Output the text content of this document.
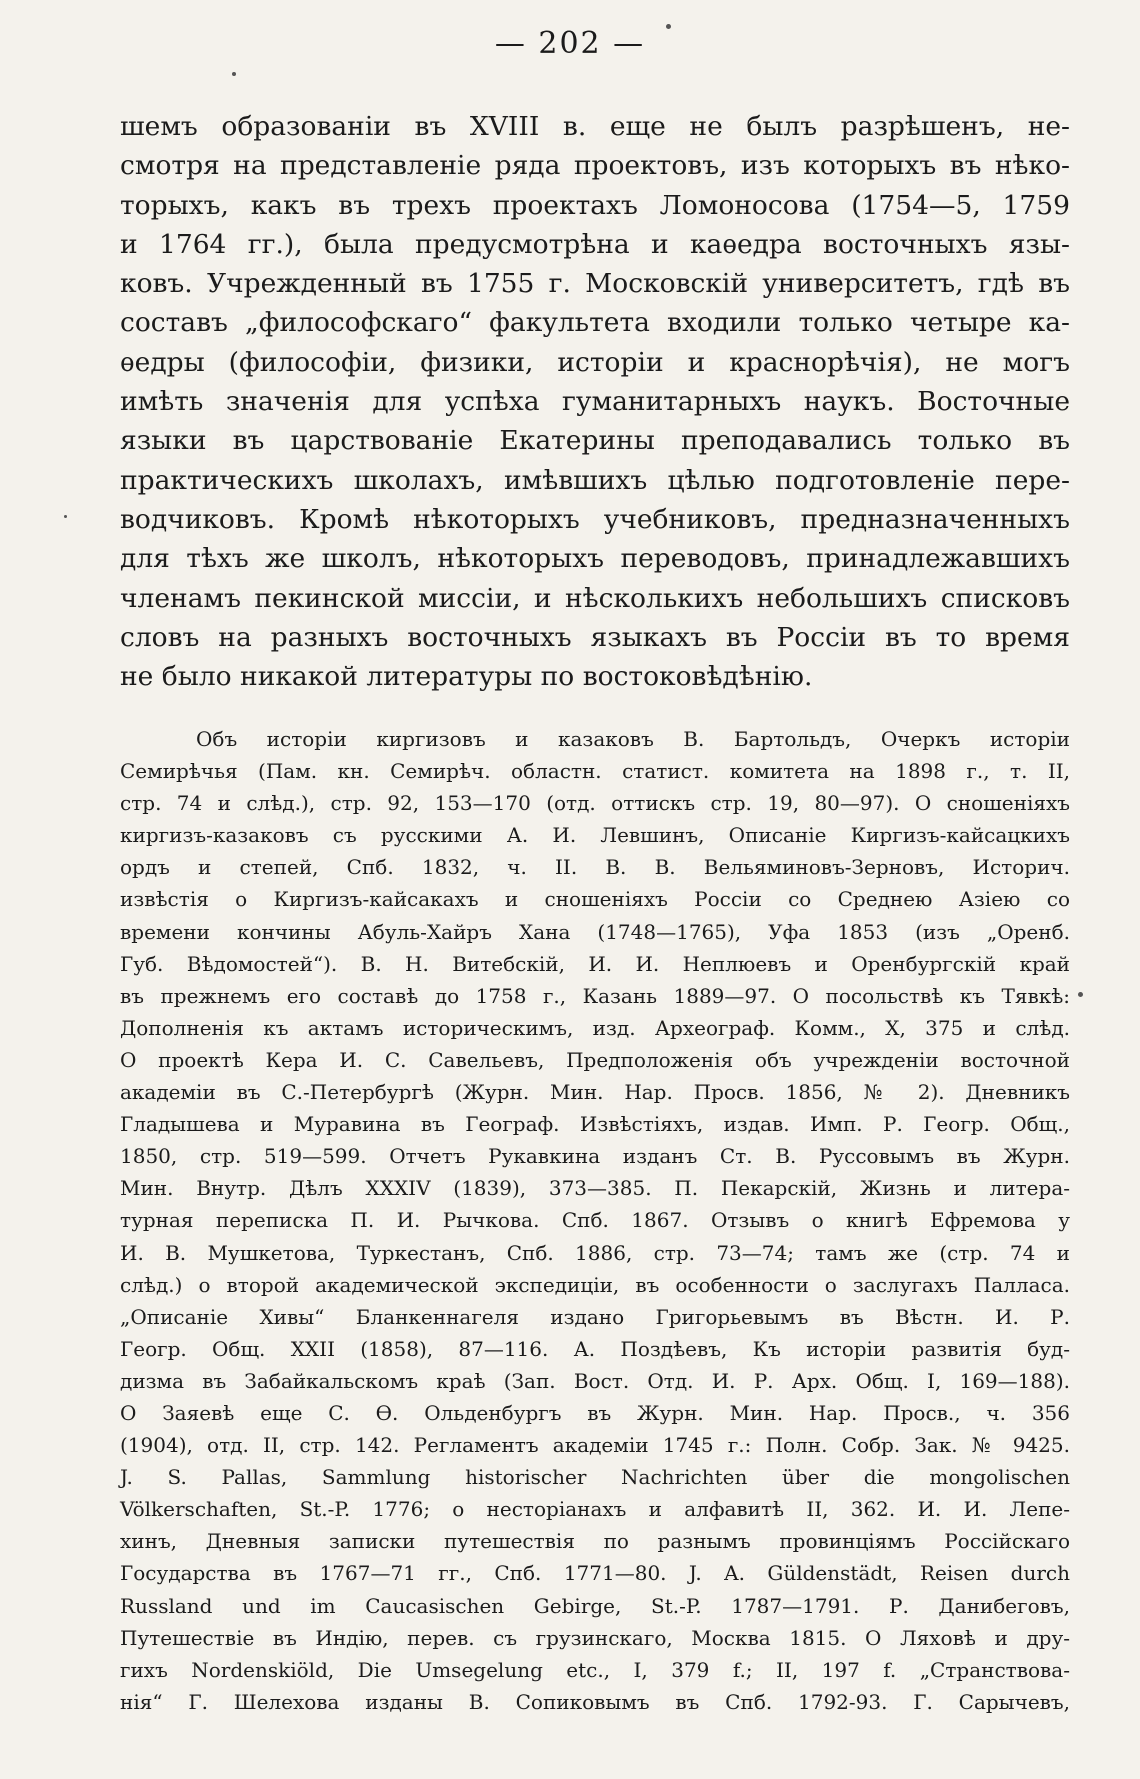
— 202 —
шемъ образованіи въ XVIII в. еще не былъ разрѣшенъ, не-
смотря на представленіе ряда проектовъ, изъ которыхъ въ нѣко-
торыхъ, какъ въ трехъ проектахъ Ломоносова (1754—5, 1759
и 1764 гг.), была предусмотрѣна и каѳедра восточныхъ язы-
ковъ. Учрежденный въ 1755 г. Московскій университетъ, гдѣ въ
составъ „философскаго“ факультета входили только четыре ка-
ѳедры (философіи, физики, исторіи и краснорѣчія), не могъ
имѣть значенія для успѣха гуманитарныхъ наукъ. Восточные
языки въ царствованіе Екатерины преподавались только въ
практическихъ школахъ, имѣвшихъ цѣлью подготовленіе пере-
водчиковъ. Кромѣ нѣкоторыхъ учебниковъ, предназначенныхъ
для тѣхъ же школъ, нѣкоторыхъ переводовъ, принадлежавшихъ
членамъ пекинской миссіи, и нѣсколькихъ небольшихъ списковъ
словъ на разныхъ восточныхъ языкахъ въ Россіи въ то время
не было никакой литературы по востоковѣдѣнію.
Объ исторіи киргизовъ и казаковъ В. Бартольдъ, Очеркъ исторіи
Семирѣчья (Пам. кн. Семирѣч. областн. статист. комитета на 1898 г., т. II,
стр. 74 и слѣд.), стр. 92, 153—170 (отд. оттискъ стр. 19, 80—97). О сношеніяхъ
киргизъ-казаковъ съ русскими А. И. Левшинъ, Описаніе Киргизъ-кайсацкихъ
ордъ и степей, Спб. 1832, ч. II. В. В. Вельяминовъ-Зерновъ, Историч.
извѣстія о Киргизъ-кайсакахъ и сношеніяхъ Россіи со Среднею Азіею со
времени кончины Абуль-Хайръ Хана (1748—1765), Уфа 1853 (изъ „Оренб.
Губ. Вѣдомостей“). В. Н. Витебскій, И. И. Неплюевъ и Оренбургскій край
въ прежнемъ его составѣ до 1758 г., Казань 1889—97. О посольствѣ къ Тявкѣ:
Дополненія къ актамъ историческимъ, изд. Археограф. Комм., X, 375 и слѣд.
О проектѣ Кера И. С. Савельевъ, Предположенія объ учрежденіи восточной
академіи въ С.-Петербургѣ (Журн. Мин. Нар. Просв. 1856, № 2). Дневникъ
Гладышева и Муравина въ Географ. Извѣстіяхъ, издав. Имп. Р. Геогр. Общ.,
1850, стр. 519—599. Отчетъ Рукавкина изданъ Ст. В. Руссовымъ въ Журн.
Мин. Внутр. Дѣлъ XXXIV (1839), 373—385. П. Пекарскій, Жизнь и литера-
турная переписка П. И. Рычкова. Спб. 1867. Отзывъ о книгѣ Ефремова у
И. В. Мушкетова, Туркестанъ, Спб. 1886, стр. 73—74; тамъ же (стр. 74 и
слѣд.) о второй академической экспедиціи, въ особенности о заслугахъ Палласа.
„Описаніе Хивы“ Бланкеннагеля издано Григорьевымъ въ Вѣстн. И. Р.
Геогр. Общ. XXII (1858), 87—116. А. Поздѣевъ, Къ исторіи развитія буд-
дизма въ Забайкальскомъ краѣ (Зап. Вост. Отд. И. Р. Арх. Общ. I, 169—188).
О Заяевѣ еще С. Ѳ. Ольденбургъ въ Журн. Мин. Нар. Просв., ч. 356
(1904), отд. II, стр. 142. Регламентъ академіи 1745 г.: Полн. Собр. Зак. № 9425.
J. S. Pallas, Sammlung historischer Nachrichten über die mongolischen
Völkerschaften, St.-P. 1776; о несторіанахъ и алфавитѣ II, 362. И. И. Лепе-
хинъ, Дневныя записки путешествія по разнымъ провинціямъ Россійскаго
Государства въ 1767—71 гг., Спб. 1771—80. J. A. Güldenstädt, Reisen durch
Russland und im Caucasischen Gebirge, St.-P. 1787—1791. Р. Данибеговъ,
Путешествіе въ Индію, перев. съ грузинскаго, Москва 1815. О Ляховѣ и дру-
гихъ Nordenskiöld, Die Umsegelung etc., I, 379 f.; II, 197 f. „Странствова-
нія“ Г. Шелехова изданы В. Сопиковымъ въ Спб. 1792-93. Г. Сарычевъ,
